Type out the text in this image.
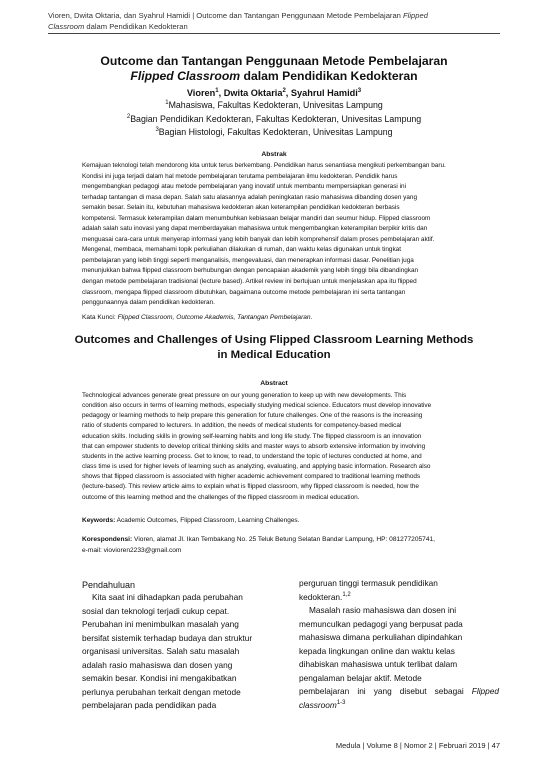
Vioren, Dwita Oktaria, dan Syahrul Hamidi | Outcome dan Tantangan Penggunaan Metode Pembelajaran Flipped
Classroom dalam Pendidikan Kedokteran
Outcome dan Tantangan Penggunaan Metode Pembelajaran
Flipped Classroom dalam Pendidikan Kedokteran
Vioren$^1$, Dwita Oktaria$^2$, Syahrul Hamidi$^3$
$^1$Mahasiswa, Fakultas Kedokteran, Univesitas Lampung
$^2$Bagian Pendidikan Kedokteran, Fakultas Kedokteran, Univesitas Lampung
$^3$Bagian Histologi, Fakultas Kedokteran, Univesitas Lampung
Abstrak
Kemajuan teknologi telah mendorong kita untuk terus berkembang. Pendidikan harus senantiasa mengikuti perkembangan baru.
Kondisi ini juga terjadi dalam hal metode pembelajaran terutama pembelajaran ilmu kedokteran. Pendidik harus
mengembangkan pedagogi atau metode pembelajaran yang inovatif untuk membantu mempersiapkan generasi ini
terhadap tantangan di masa depan. Salah satu alasannya adalah peningkatan rasio mahasiswa dibanding dosen yang
semakin besar. Selain itu, kebutuhan mahasiswa kedokteran akan keterampilan pendidikan kedokteran berbasis
kompetensi. Termasuk keterampilan dalam menumbuhkan kebiasaan belajar mandiri dan seumur hidup. Flipped classroom
adalah salah satu inovasi yang dapat memberdayakan mahasiswa untuk mengembangkan keterampilan berpikir kritis dan
menguasai cara-cara untuk menyerap informasi yang lebih banyak dan lebih komprehensif dalam proses pembelajaran aktif.
Mengenal, membaca, memahami topik perkuliahan dilakukan di rumah, dan waktu kelas digunakan untuk tingkat
pembelajaran yang lebih tinggi seperti menganalisis, mengevaluasi, dan menerapkan informasi dasar. Penelitian juga
menunjukkan bahwa flipped classroom berhubungan dengan pencapaian akademik yang lebih tinggi bila dibandingkan
dengan metode pembelajaran tradisional (lecture based). Artikel review ini bertujuan untuk menjelaskan apa itu flipped
classroom, mengapa flipped classroom dibutuhkan, bagaimana outcome metode pembelajaran ini serta tantangan
penggunaannya dalam pendidikan kedokteran.
Kata Kunci: Flipped Classroom, Outcome Akademis, Tantangan Pembelajaran.
Outcomes and Challenges of Using Flipped Classroom Learning Methods
in Medical Education
Abstract
Technological advances generate great pressure on our young generation to keep up with new developments. This
condition also occurs in terms of learning methods, especially studying medical science. Educators must develop innovative
pedagogy or learning methods to help prepare this generation for future challenges. One of the reasons is the increasing
ratio of students compared to lecturers. In addition, the needs of medical students for competency-based medical
education skills. Including skills in growing self-learning habits and long life study. The flipped classroom is an innovation
that can empower students to develop critical thinking skills and master ways to absorb extensive information by involving
students in the active learning process. Get to know, to read, to understand the topic of lectures conducted at home, and
class time is used for higher levels of learning such as analyzing, evaluating, and applying basic information. Research also
shows that flipped classroom is associated with higher academic achievement compared to traditional learning methods
(lecture-based). This review article aims to explain what is flipped classroom, why flipped classroom is needed, how the
outcome of this learning method and the challenges of the flipped classroom in medical education.
Keywords: Academic Outcomes, Flipped Classroom, Learning Challenges.
Korespondensi: Vioren, alamat Jl. Ikan Tembakang No. 25 Teluk Betung Selatan Bandar Lampung, HP: 081277205741,
e-mail: viovioren2233@gmail.com
Pendahuluan
Kita saat ini dihadapkan pada perubahan
sosial dan teknologi terjadi cukup cepat.
Perubahan ini menimbulkan masalah yang
bersifat sistemik terhadap budaya dan struktur
organisasi universitas. Salah satu masalah
adalah rasio mahasiswa dan dosen yang
semakin besar. Kondisi ini mengakibatkan
perlunya perubahan terkait dengan metode
pembelajaran pada pendidikan pada
perguruan tinggi termasuk pendidikan
kedokteran.$^{1,2}$
Masalah rasio mahasiswa dan dosen ini
memunculkan pedagogi yang berpusat pada
mahasiswa dimana perkuliahan dipindahkan
kepada lingkungan online dan waktu kelas
dihabiskan mahasiswa untuk terlibat dalam
pengalaman belajar aktif. Metode
pembelajaran ini yang disebut sebagai Flipped classroom$^{1-3}$
Medula | Volume 8 | Nomor 2 | Februari 2019 | 47
